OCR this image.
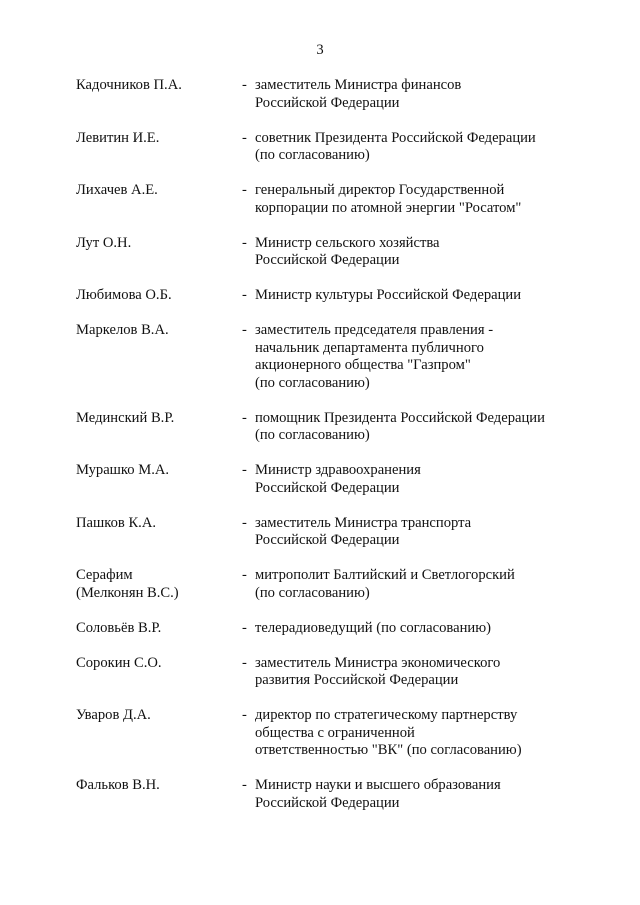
3
Кадочников П.А.	- заместитель Министра финансов
Российской Федерации
Левитин И.Е.	- советник Президента Российской Федерации
(по согласованию)
Лихачев А.Е.	- генеральный директор Государственной
корпорации по атомной энергии "Росатом"
Лут О.Н.	- Министр сельского хозяйства
Российской Федерации
Любимова О.Б.	- Министр культуры Российской Федерации
Маркелов В.А.	- заместитель председателя правления -
начальник департамента публичного
акционерного общества "Газпром"
(по согласованию)
Мединский В.Р.	- помощник Президента Российской Федерации
(по согласованию)
Мурашко М.А.	- Министр здравоохранения
Российской Федерации
Пашков К.А.	- заместитель Министра транспорта
Российской Федерации
Серафим
(Мелконян В.С.)
- митрополит Балтийский и Светлогорский
(по согласованию)
Соловьёв В.Р.	- телерадиоведущий (по согласованию)
Сорокин С.О.	- заместитель Министра экономического
развития Российской Федерации
Уваров Д.А.	- директор по стратегическому партнерству
общества с ограниченной
ответственностью "ВК" (по согласованию)
Фальков В.Н.	- Министр науки и высшего образования
Российской Федерации
